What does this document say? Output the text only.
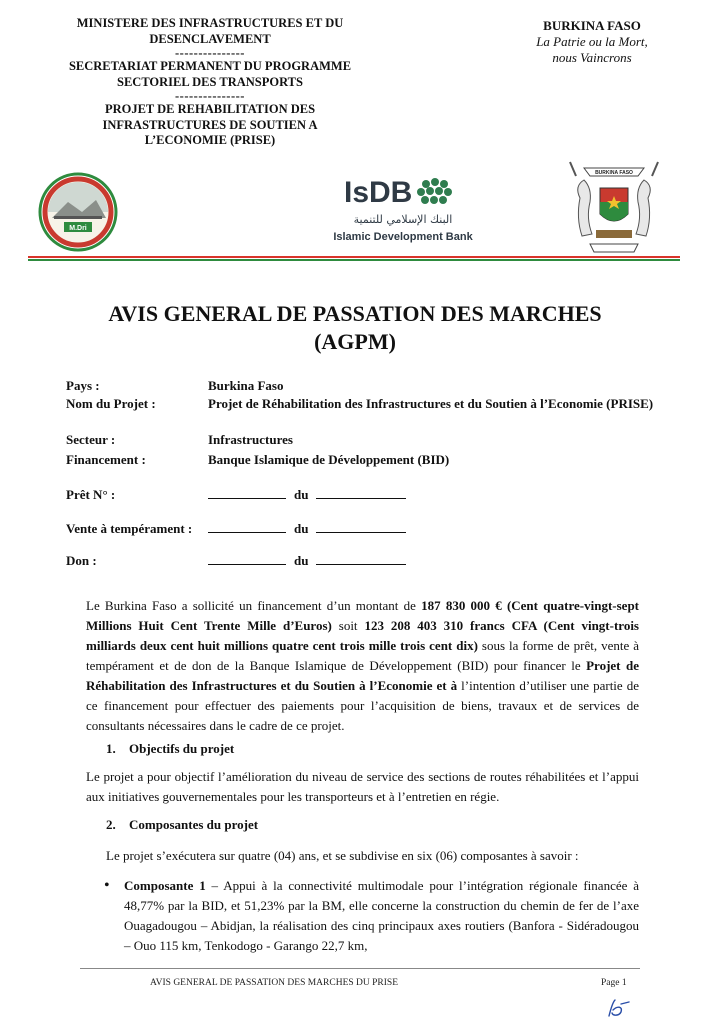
MINISTERE DES INFRASTRUCTURES ET DU
DESENCLAVEMENT
---------------
SECRETARIAT PERMANENT DU PROGRAMME
SECTORIEL DES TRANSPORTS
---------------
PROJET DE REHABILITATION DES
INFRASTRUCTURES DE SOUTIEN A
L’ECONOMIE (PRISE)
BURKINA FASO
La Patrie ou la Mort,
nous Vaincrons
M.Dri
IsDB
البنك الإسلامي للتنمية
Islamic Development Bank
BURKINA FASO
AVIS GENERAL DE PASSATION DES MARCHES
(AGPM)
Pays :	Burkina Faso
Nom du Projet :	Projet de Réhabilitation des Infrastructures et du Soutien à l’Economie (PRISE)
Secteur :	Infrastructures
Financement :	Banque Islamique de Développement (BID)
Prêt N° :	du
Vente à tempérament :	du
Don :	du
Le Burkina Faso a sollicité un financement d’un montant de 187 830 000 € (Cent quatre-vingt-sept Millions Huit Cent Trente Mille d’Euros) soit 123 208 403 310 francs CFA (Cent vingt-trois milliards deux cent huit millions quatre cent trois mille trois cent dix) sous la forme de prêt, vente à tempérament et de don de la Banque Islamique de Développement (BID) pour financer le Projet de Réhabilitation des Infrastructures et du Soutien à l’Economie et à l’intention d’utiliser une partie de ce financement pour effectuer des paiements pour l’acquisition de biens, travaux et de services de consultants nécessaires dans le cadre de ce projet.
1. Objectifs du projet
Le projet a pour objectif l’amélioration du niveau de service des sections de routes réhabilitées et l’appui aux initiatives gouvernementales pour les transporteurs et à l’entretien en régie.
2. Composantes du projet
Le projet s’exécutera sur quatre (04) ans, et se subdivise en six (06) composantes à savoir :
• Composante 1 – Appui à la connectivité multimodale pour l’intégration régionale financée à 48,77% par la BID, et 51,23% par la BM, elle concerne la construction du chemin de fer de l’axe Ouagadougou – Abidjan, la réalisation des cinq principaux axes routiers (Banfora - Sidéradougou – Ouo 115 km, Tenkodogo - Garango 22,7 km,
AVIS GENERAL DE PASSATION DES MARCHES DU PRISE	Page 1
